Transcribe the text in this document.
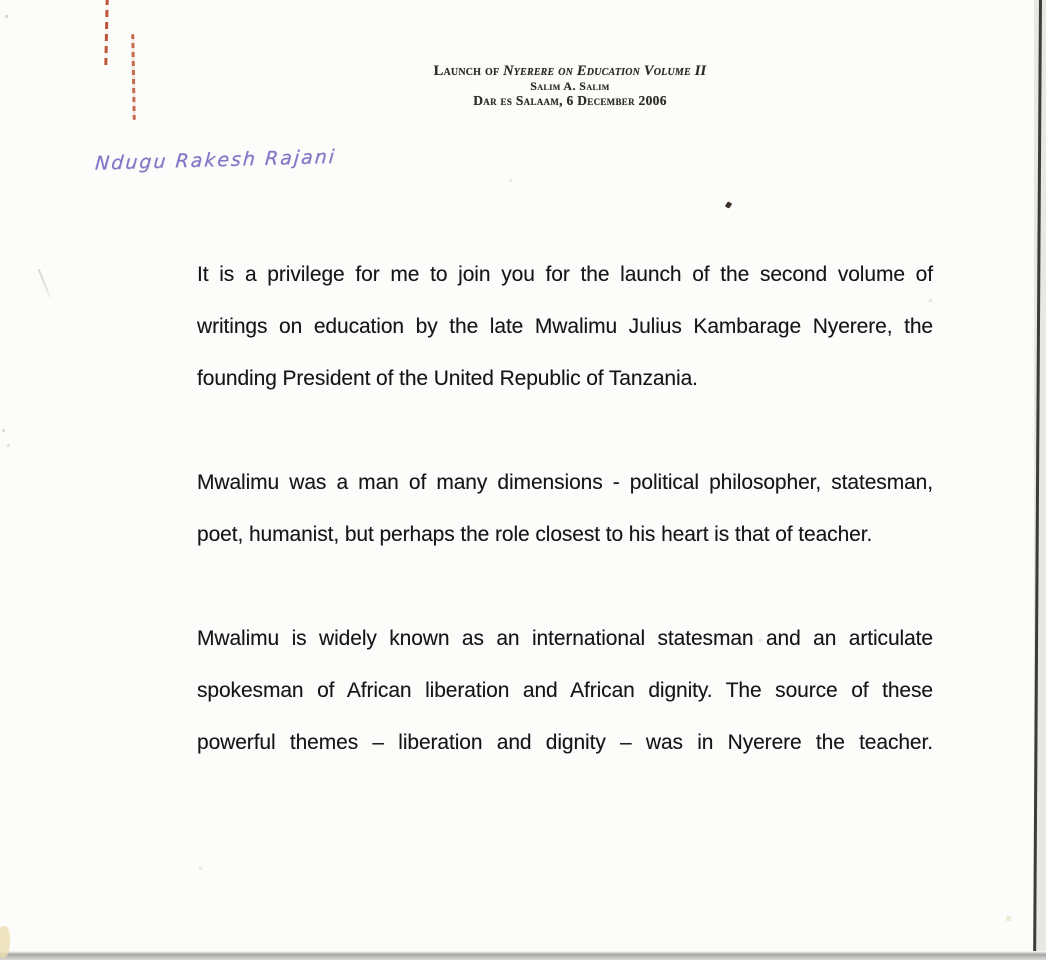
Launch of Nyerere on Education Volume II
Salim A. Salim
Dar es Salaam, 6 December 2006
Ndugu Rakesh Rajani
It is a privilege for me to join you for the launch of the second volume of
writings on education by the late Mwalimu Julius Kambarage Nyerere, the
founding President of the United Republic of Tanzania.
Mwalimu was a man of many dimensions - political philosopher, statesman,
poet, humanist, but perhaps the role closest to his heart is that of teacher.
Mwalimu is widely known as an international statesman and an articulate
spokesman of African liberation and African dignity. The source of these
powerful themes – liberation and dignity – was in Nyerere the teacher.
